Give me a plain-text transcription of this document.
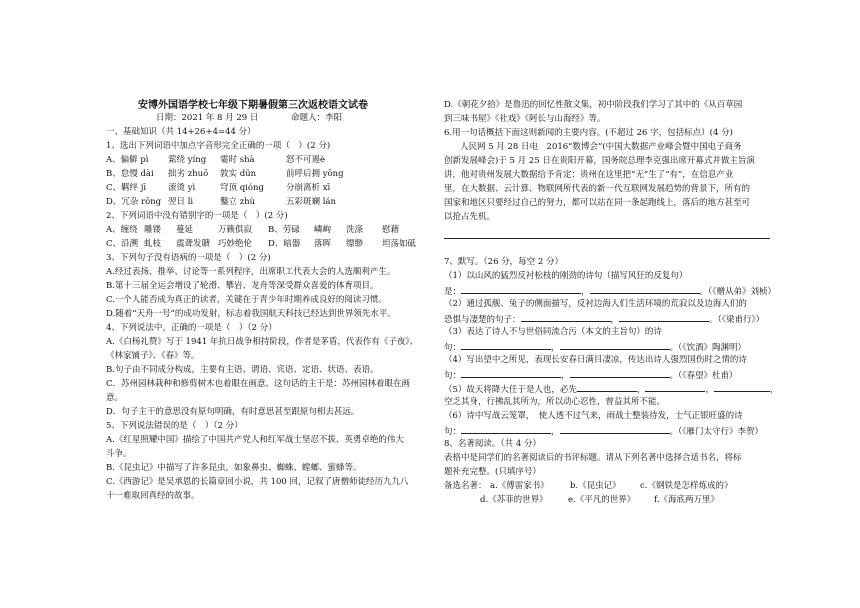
安博外国语学校七年级下期暑假第三次返校语文试卷
日期：2021 年 8 月 29 日	命题人：李阳
一、基础知识（共 14+26+4=44 分）
1、选出下列词语中加点字音形完全正确的一项（　）(2 分)
A、偏僻 pì 萦绕 yíng 霎时 shà	怒不可遏è
B、怠慢 dài 拙劣 zhuō 敦实 dūn	前呼后拥 yōng
C、羁绊 jī	滚烫 yì	穹顶 qióng	分崩离析 xī
D、冗杂 rōng 翌日 lì	鑿立 zhù	五彩斑斓 lán
2、下列词语中没有错别字的一项是（　）(2 分)
A、缠绕 雕镂 蔓延	万籁俱寂 B、劳碌 嶙峋 洗涤 慰藉
C、沿溯 虬枝 震聋发聩 巧妙绝伦 D、暗器 落晖 缥缈 坦荡如砥
3、下列句子没有语病的一项是（　）(2 分)
A.经过表扬、推举、讨论等一系列程序，出席职工代表大会的人选顺利产生。
B.第十三届全运会增设了轮滑、攀岩、龙舟等深受群众喜爱的体育项目。
C.一个人能否成为真正的读者，关键在于青少年时期养成良好的阅读习惯。
D.随着“天舟一号”的成功发射，标志着我国航天科技已经达到世界领先水平。
4、下列说法中，正确的一项是（　）（2 分）
A.《白杨礼赞》写于 1941 年抗日战争相持阶段，作者是茅盾，代表作有《子夜》、
《林家铺子》、《春》等。
B.句子由不同成分构成，主要有主语、谓语、宾语、定语、状语、表语。
C．苏州园林栽种和修剪树木也着眼在画意。这句话的主干是：苏州园林着眼在画
意。
D．句子主干的意思没有原句明确，有时意思甚至跟原句相去甚远。
5、下列说法错误的是（　）（2 分）
A.《红星照耀中国》描绘了中国共产党人和红军战士坚忍不拔、英勇卓绝的伟大
斗争。
B.《昆虫记》中描写了许多昆虫，如象鼻虫、蜘蛛、螳螂、蜜蜂等。
C.《西游记》是吴承恩的长篇章回小说，共 100 回，记叙了唐僧师徒经历九九八
十一难取回真经的故事。
D.《朝花夕拾》是鲁迅的回忆性散文集，初中阶段我们学习了其中的《从百草园
到三味书屋》《社戏》《阿长与山海经》等。
6.用一句话概括下面这则新闻的主要内容。(不超过 26 字，包括标点）(4 分)
人民网 5 月 28 日电　2016“数博会”(中国大数据产业峰会暨中国电子商务
创新发展峰会)于 5 月 25 日在贵阳开幕，国务院总理李克强出席开幕式并做主旨演
讲，他对贵州发展大数据给予肯定：贵州在这里把“无”生了“有”，在信息产业
里，在大数据、云计算、物联网所代表的新一代互联网发展趋势的背景下，所有的
国家和地区只要经过自己的努力，都可以站在同一条起跑线上，落后的地方甚至可
以抢占先机。
7、默写。（26 分，每空 2 分）
（1）以山风的猛烈反衬松枝的刚劲的诗句（描写风狂的反复句）
是：	，	。（《赠从弟》刘桢）
（2）通过孤舰、兔子的侧面描写，反衬边海人们生活环境的荒寂以及边海人们的
恐惧与凄楚的句子：	，	。（《梁甫行》）
（3）表达了诗人不与世俗同流合污（本文的主旨句）的诗
句：	，	。（《饮酒》陶渊明）
（4）写出望中之所见，表现长安春日满目凄凉，传达出诗人强烈国伤时之情的诗
句：	，	。（《春望》杜甫）
（5）故天将降大任于是人也，必先	，	，	，
空乏其身，行拂乱其所为，所以动心忍性，曾益其所不能。
（6）诗中写战云笼罩，　使人透不过气来，雨战士整装待发，士气正银旺盛的诗
句：	，	。（《雁门太守行》李贺）
8、名著阅读。（共 4 分）
表格中是同学们的名著阅读后的书评标题。请从下列名著中选择合适书名，将标
题补充完整。(只填序号）
备选名著： a.《傅雷家书》 b.《昆虫记》 c.《钢铁是怎样炼成的》
d.《苏菲的世界》 e.《平凡的世界》 f.《海底两万里》
